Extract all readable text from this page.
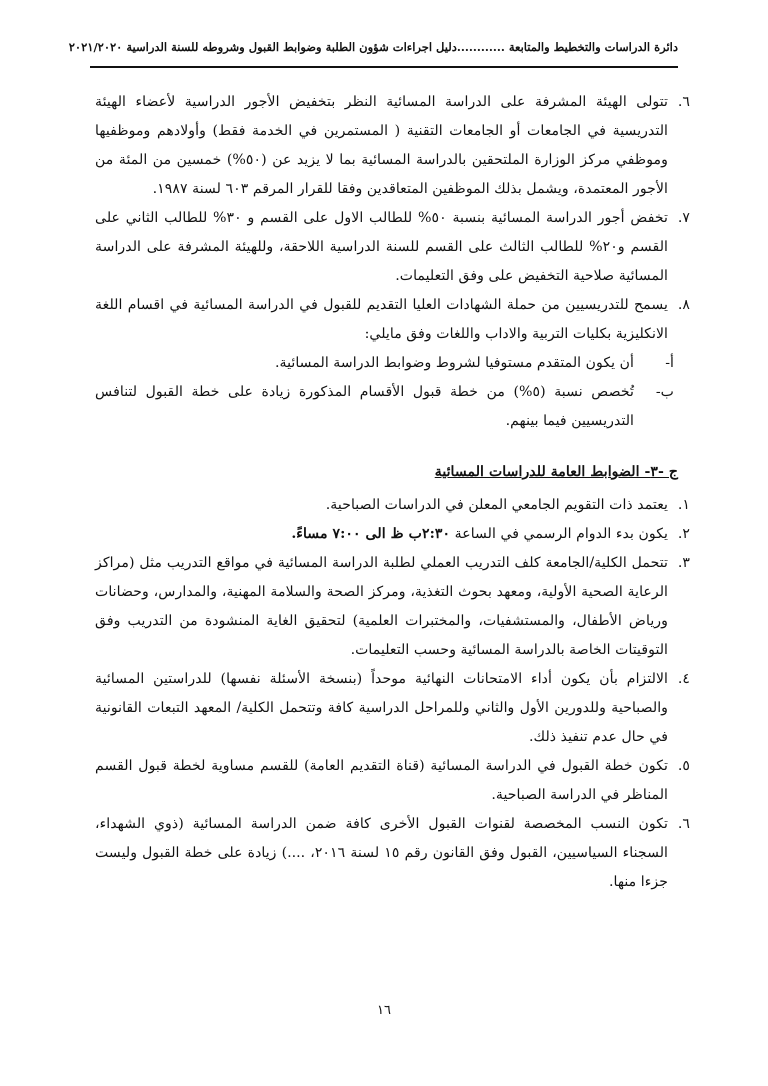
دائرة الدراسات والتخطيط والمتابعة ............دليل اجراءات شؤون الطلبة وضوابط القبول وشروطه للسنة الدراسية ٢٠٢١/٢٠٢٠
٦.
تتولى الهيئة المشرفة على الدراسة المسائية النظر بتخفيض الأجور الدراسية لأعضاء الهيئة التدريسية في الجامعات أو الجامعات التقنية ( المستمرين في الخدمة فقط) وأولادهم وموظفيها وموظفي مركز الوزارة الملتحقين بالدراسة المسائية بما لا يزيد عن (٥٠%) خمسين من المئة من الأجور المعتمدة، ويشمل بذلك الموظفين المتعاقدين وفقا للقرار المرقم ٦٠٣ لسنة ١٩٨٧.
٧.
تخفض أجور الدراسة المسائية بنسبة ٥٠% للطالب الاول على القسم و ٣٠% للطالب الثاني على القسم و٢٠% للطالب الثالث على القسم للسنة الدراسية اللاحقة، وللهيئة المشرفة على الدراسة المسائية صلاحية التخفيض على وفق التعليمات.
٨.
يسمح للتدريسيين من حملة الشهادات العليا التقديم للقبول في الدراسة المسائية في اقسام اللغة الانكليزية بكليات التربية والاداب واللغات وفق مايلي:
أ-
أن يكون المتقدم مستوفيا لشروط وضوابط الدراسة المسائية.
ب-
تُخصص نسبة (٥%) من خطة قبول الأقسام المذكورة زيادة على خطة القبول لتنافس التدريسيين فيما بينهم.
ج -٣- الضوابط العامة للدراسات المسائية
١.
يعتمد ذات التقويم الجامعي المعلن في الدراسات الصباحية.
٢.
يكون بدء الدوام الرسمي في الساعة ٢:٣٠ب ظ الى ٧:٠٠ مساءً.
٣.
تتحمل الكلية/الجامعة كلف التدريب العملي لطلبة الدراسة المسائية في مواقع التدريب مثل (مراكز الرعاية الصحية الأولية، ومعهد بحوث التغذية، ومركز الصحة والسلامة المهنية، والمدارس، وحضانات ورياض الأطفال، والمستشفيات، والمختبرات العلمية) لتحقيق الغاية المنشودة من التدريب وفق التوقيتات الخاصة بالدراسة المسائية وحسب التعليمات.
٤.
الالتزام بأن يكون أداء الامتحانات النهائية موحداً (بنسخة الأسئلة نفسها) للدراستين المسائية والصباحية وللدورين الأول والثاني وللمراحل الدراسية كافة وتتحمل الكلية/ المعهد التبعات القانونية في حال عدم تنفيذ ذلك.
٥.
تكون خطة القبول في الدراسة المسائية (قناة التقديم العامة) للقسم مساوية لخطة قبول القسم المناظر في الدراسة الصباحية.
٦.
تكون النسب المخصصة لقنوات القبول الأخرى كافة ضمن الدراسة المسائية (ذوي الشهداء، السجناء السياسيين، القبول وفق القانون رقم ١٥ لسنة ٢٠١٦، ....) زيادة على خطة القبول وليست جزءا منها.
١٦
